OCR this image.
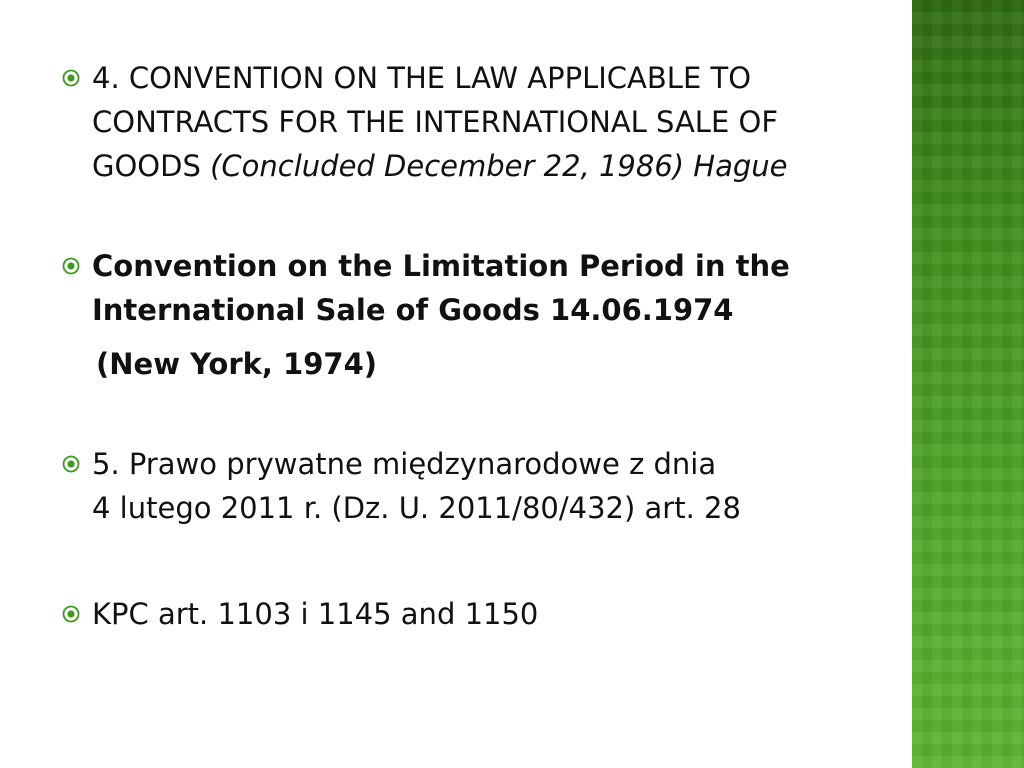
4. CONVENTION ON THE LAW APPLICABLE TO
CONTRACTS FOR THE INTERNATIONAL SALE OF
GOODS (Concluded December 22, 1986) Hague
Convention on the Limitation Period in the
International Sale of Goods 14.06.1974
(New York, 1974)
5. Prawo prywatne międzynarodowe z dnia
4 lutego 2011 r. (Dz. U. 2011/80/432) art. 28
KPC art. 1103 i 1145 and 1150
